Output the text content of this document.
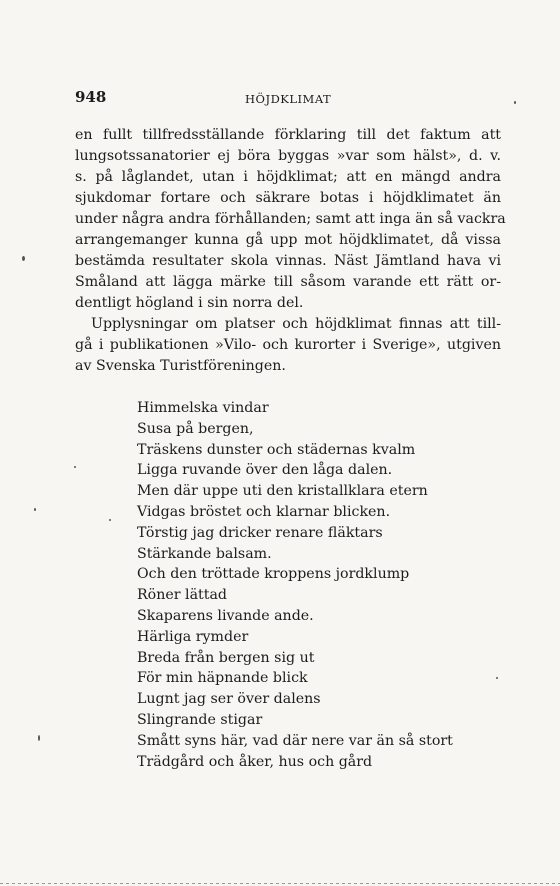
948	HÖJDKLIMAT
en fullt tillfredsställande förklaring till det faktum att
lungsotssanatorier ej böra byggas »var som hälst», d. v.
s. på låglandet, utan i höjdklimat; att en mängd andra
sjukdomar fortare och säkrare botas i höjdklimatet än
under några andra förhållanden; samt att inga än så vackra
arrangemanger kunna gå upp mot höjdklimatet, då vissa
bestämda resultater skola vinnas. Näst Jämtland hava vi
Småland att lägga märke till såsom varande ett rätt or-
dentligt högland i sin norra del.
Upplysningar om platser och höjdklimat finnas att till-
gå i publikationen »Vilo- och kurorter i Sverige», utgiven
av Svenska Turistföreningen.
Himmelska vindar
Susa på bergen,
Träskens dunster och städernas kvalm
Ligga ruvande över den låga dalen.
Men där uppe uti den kristallklara etern
Vidgas bröstet och klarnar blicken.
Törstig jag dricker renare fläktars
Stärkande balsam.
Och den tröttade kroppens jordklump
Röner lättad
Skaparens livande ande.
Härliga rymder
Breda från bergen sig ut
För min häpnande blick
Lugnt jag ser över dalens
Slingrande stigar
Smått syns här, vad där nere var än så stort
Trädgård och åker, hus och gård
